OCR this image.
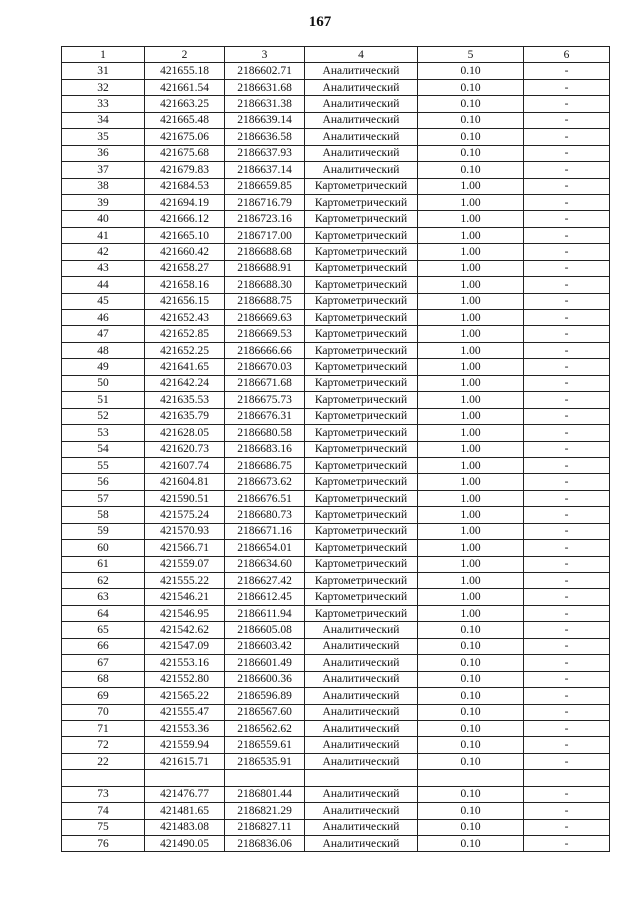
167
1	2	3	4	5	6
31	421655.18	2186602.71	Аналитический	0.10	-
32	421661.54	2186631.68	Аналитический	0.10	-
33	421663.25	2186631.38	Аналитический	0.10	-
34	421665.48	2186639.14	Аналитический	0.10	-
35	421675.06	2186636.58	Аналитический	0.10	-
36	421675.68	2186637.93	Аналитический	0.10	-
37	421679.83	2186637.14	Аналитический	0.10	-
38	421684.53	2186659.85	Картометрический	1.00	-
39	421694.19	2186716.79	Картометрический	1.00	-
40	421666.12	2186723.16	Картометрический	1.00	-
41	421665.10	2186717.00	Картометрический	1.00	-
42	421660.42	2186688.68	Картометрический	1.00	-
43	421658.27	2186688.91	Картометрический	1.00	-
44	421658.16	2186688.30	Картометрический	1.00	-
45	421656.15	2186688.75	Картометрический	1.00	-
46	421652.43	2186669.63	Картометрический	1.00	-
47	421652.85	2186669.53	Картометрический	1.00	-
48	421652.25	2186666.66	Картометрический	1.00	-
49	421641.65	2186670.03	Картометрический	1.00	-
50	421642.24	2186671.68	Картометрический	1.00	-
51	421635.53	2186675.73	Картометрический	1.00	-
52	421635.79	2186676.31	Картометрический	1.00	-
53	421628.05	2186680.58	Картометрический	1.00	-
54	421620.73	2186683.16	Картометрический	1.00	-
55	421607.74	2186686.75	Картометрический	1.00	-
56	421604.81	2186673.62	Картометрический	1.00	-
57	421590.51	2186676.51	Картометрический	1.00	-
58	421575.24	2186680.73	Картометрический	1.00	-
59	421570.93	2186671.16	Картометрический	1.00	-
60	421566.71	2186654.01	Картометрический	1.00	-
61	421559.07	2186634.60	Картометрический	1.00	-
62	421555.22	2186627.42	Картометрический	1.00	-
63	421546.21	2186612.45	Картометрический	1.00	-
64	421546.95	2186611.94	Картометрический	1.00	-
65	421542.62	2186605.08	Аналитический	0.10	-
66	421547.09	2186603.42	Аналитический	0.10	-
67	421553.16	2186601.49	Аналитический	0.10	-
68	421552.80	2186600.36	Аналитический	0.10	-
69	421565.22	2186596.89	Аналитический	0.10	-
70	421555.47	2186567.60	Аналитический	0.10	-
71	421553.36	2186562.62	Аналитический	0.10	-
72	421559.94	2186559.61	Аналитический	0.10	-
22	421615.71	2186535.91	Аналитический	0.10	-

73	421476.77	2186801.44	Аналитический	0.10	-
74	421481.65	2186821.29	Аналитический	0.10	-
75	421483.08	2186827.11	Аналитический	0.10	-
76	421490.05	2186836.06	Аналитический	0.10	-
